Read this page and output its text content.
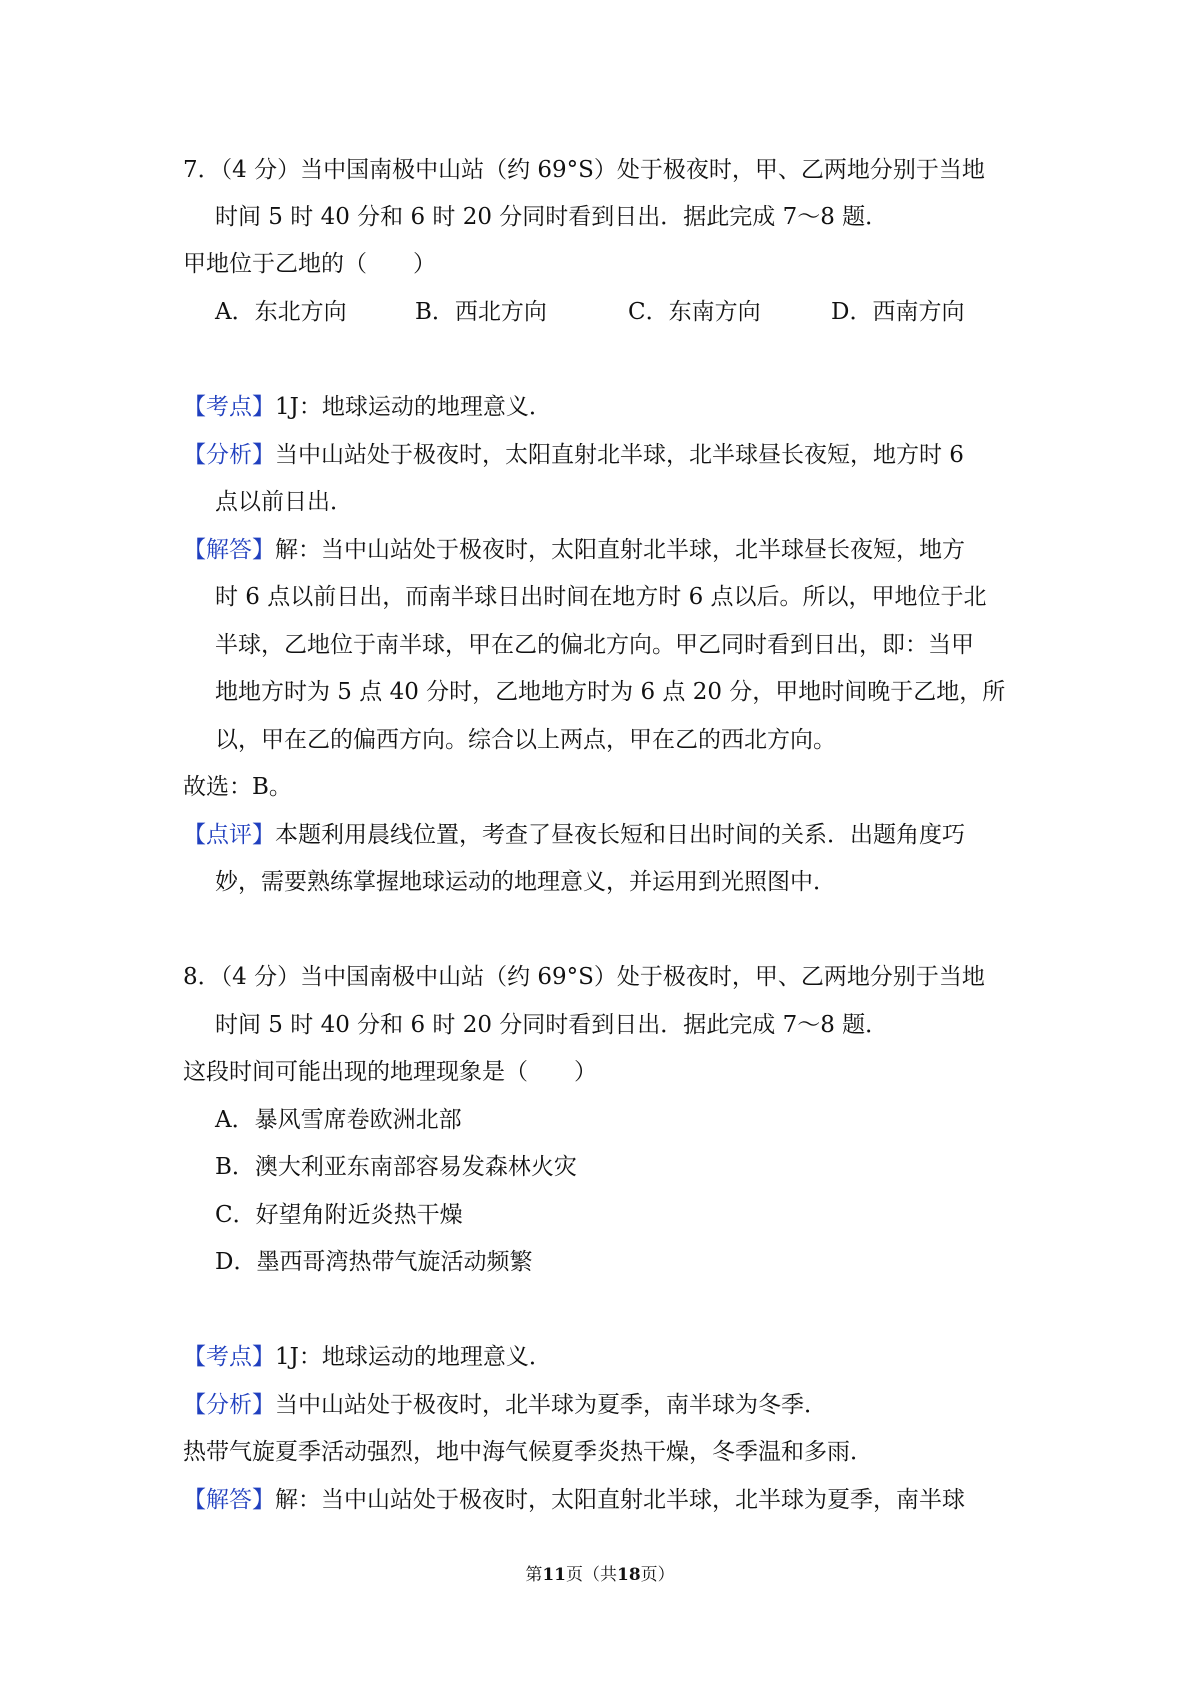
7．（4 分）当中国南极中山站（约 69°S）处于极夜时，甲、乙两地分别于当地
时间 5 时 40 分和 6 时 20 分同时看到日出．据此完成 7～8 题．
甲地位于乙地的（　　）
A．东北方向	B．西北方向	C．东南方向	D．西南方向
【考点】1J：地球运动的地理意义．
【分析】当中山站处于极夜时，太阳直射北半球，北半球昼长夜短，地方时 6
点以前日出．
【解答】解：当中山站处于极夜时，太阳直射北半球，北半球昼长夜短，地方
时 6 点以前日出，而南半球日出时间在地方时 6 点以后。所以，甲地位于北
半球，乙地位于南半球，甲在乙的偏北方向。甲乙同时看到日出，即：当甲
地地方时为 5 点 40 分时，乙地地方时为 6 点 20 分，甲地时间晚于乙地，所
以，甲在乙的偏西方向。综合以上两点，甲在乙的西北方向。
故选：B。
【点评】本题利用晨线位置，考查了昼夜长短和日出时间的关系．出题角度巧
妙，需要熟练掌握地球运动的地理意义，并运用到光照图中．
8．（4 分）当中国南极中山站（约 69°S）处于极夜时，甲、乙两地分别于当地
时间 5 时 40 分和 6 时 20 分同时看到日出．据此完成 7～8 题．
这段时间可能出现的地理现象是（　　）
A．暴风雪席卷欧洲北部
B．澳大利亚东南部容易发森林火灾
C．好望角附近炎热干燥
D．墨西哥湾热带气旋活动频繁
【考点】1J：地球运动的地理意义．
【分析】当中山站处于极夜时，北半球为夏季，南半球为冬季．
热带气旋夏季活动强烈，地中海气候夏季炎热干燥，冬季温和多雨．
【解答】解：当中山站处于极夜时，太阳直射北半球，北半球为夏季，南半球
第11页（共18页）
